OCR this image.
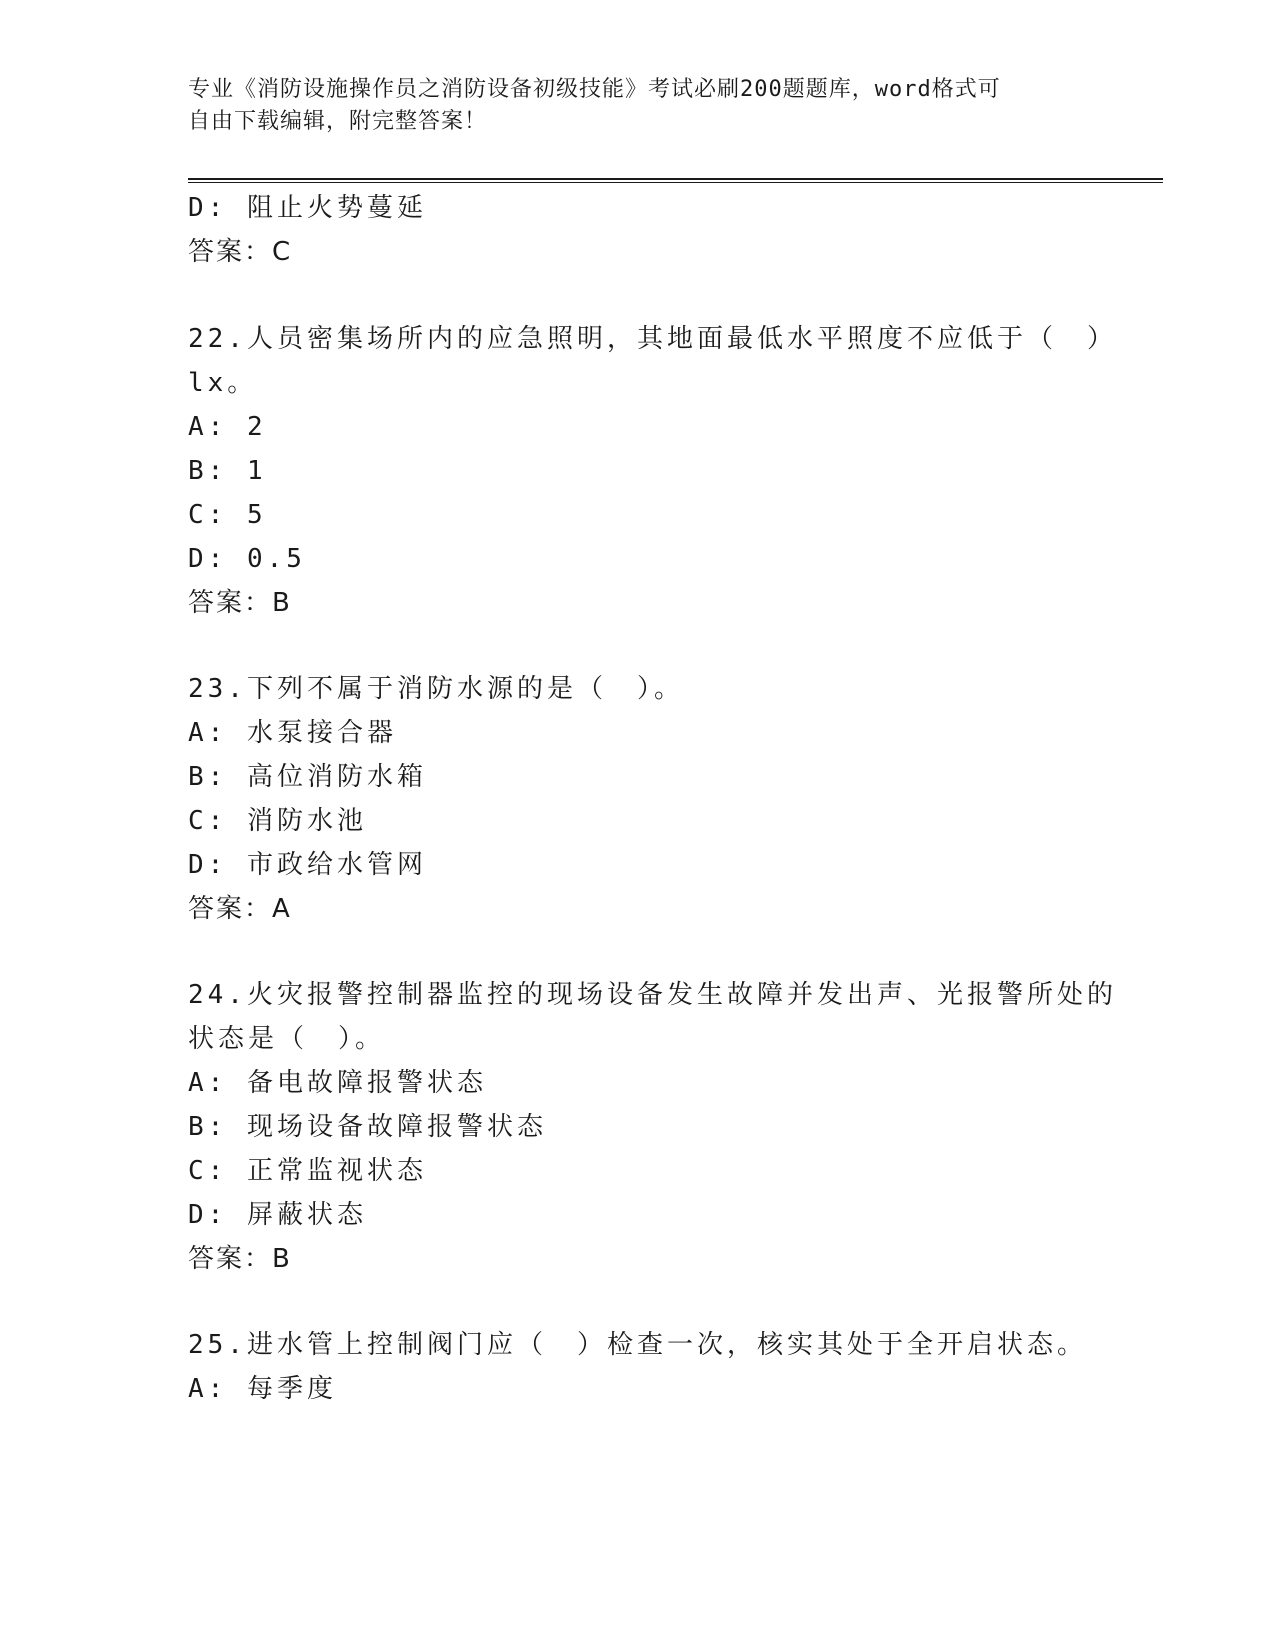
专业《消防设施操作员之消防设备初级技能》考试必刷200题题库，word格式可
自由下载编辑，附完整答案！
D: 阻止火势蔓延
答案：C
22.人员密集场所内的应急照明，其地面最低水平照度不应低于（　）
lx。
A: 2
B: 1
C: 5
D: 0.5
答案：B
23.下列不属于消防水源的是（　）。
A: 水泵接合器
B: 高位消防水箱
C: 消防水池
D: 市政给水管网
答案：A
24.火灾报警控制器监控的现场设备发生故障并发出声、光报警所处的
状态是（　）。
A: 备电故障报警状态
B: 现场设备故障报警状态
C: 正常监视状态
D: 屏蔽状态
答案：B
25.进水管上控制阀门应（　）检查一次，核实其处于全开启状态。
A: 每季度
